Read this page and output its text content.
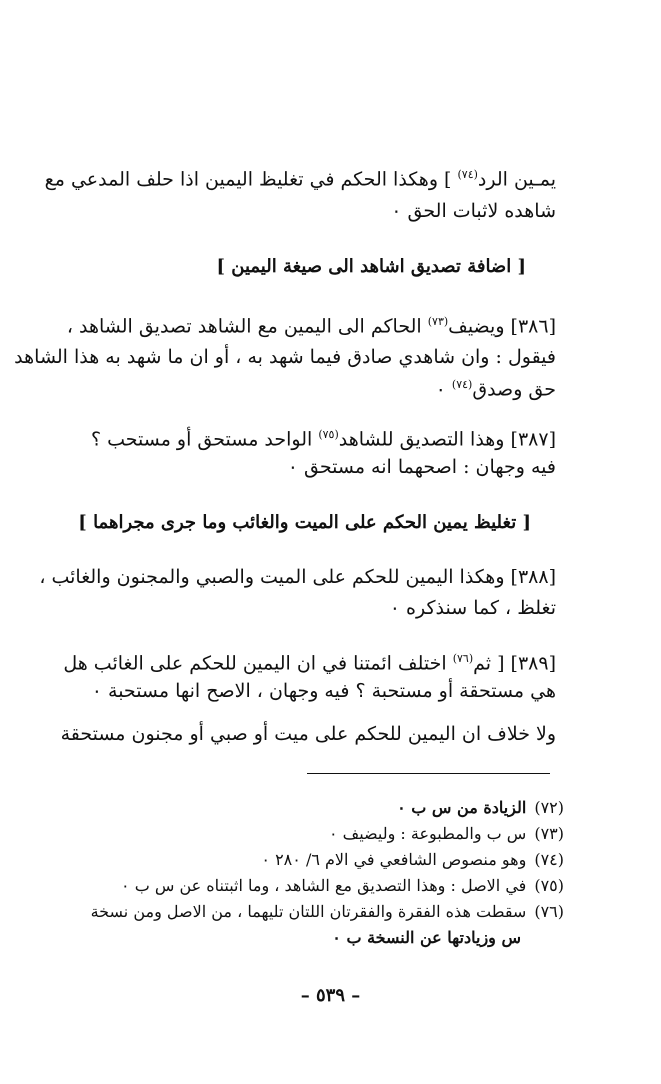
يمـين الرد$^{(٧٤)}$ ] وهكذا الحكم في تغليظ اليمين اذا حلف المدعي مع
شاهده لاثبات الحق ٠
[ اضافة تصديق اشاهد الى صيغة اليمين ]
[٣٨٦] ويضيف$^{(٧٣)}$ الحاكم الى اليمين مع الشاهد تصديق الشاهد ،
فيقول : وان شاهدي صادق فيما شهد به ، أو ان ما شهد به هذا الشاهد
حق وصدق$^{(٧٤)}$ ٠
[٣٨٧] وهذا التصديق للشاهد$^{(٧٥)}$ الواحد مستحق أو مستحب ؟
فيه وجهان : اصحهما انه مستحق ٠
[ تغليظ يمين الحكم على الميت والغائب وما جرى مجراهما ]
[٣٨٨] وهكذا اليمين للحكم على الميت والصبي والمجنون والغائب ،
تغلظ ، كما سنذكره ٠
[٣٨٩] [ ثم$^{(٧٦)}$ اختلف ائمتنا في ان اليمين للحكم على الغائب هل
هي مستحقة أو مستحبة ؟ فيه وجهان ، الاصح انها مستحبة ٠
ولا خلاف ان اليمين للحكم على ميت أو صبي أو مجنون مستحقة
(٧٢)الزيادة من س ب ٠
(٧٣)س ب والمطبوعة : وليضيف ٠
(٧٤)وهو منصوص الشافعي في الام ٦/ ٢٨٠ ٠
(٧٥)في الاصل : وهذا التصديق مع الشاهد ، وما اثبتناه عن س ب ٠
(٧٦)سقطت هذه الفقرة والفقرتان اللتان تليهما ، من الاصل ومن نسخة
س وزيادتها عن النسخة ب ٠
– ٥٣٩ –
